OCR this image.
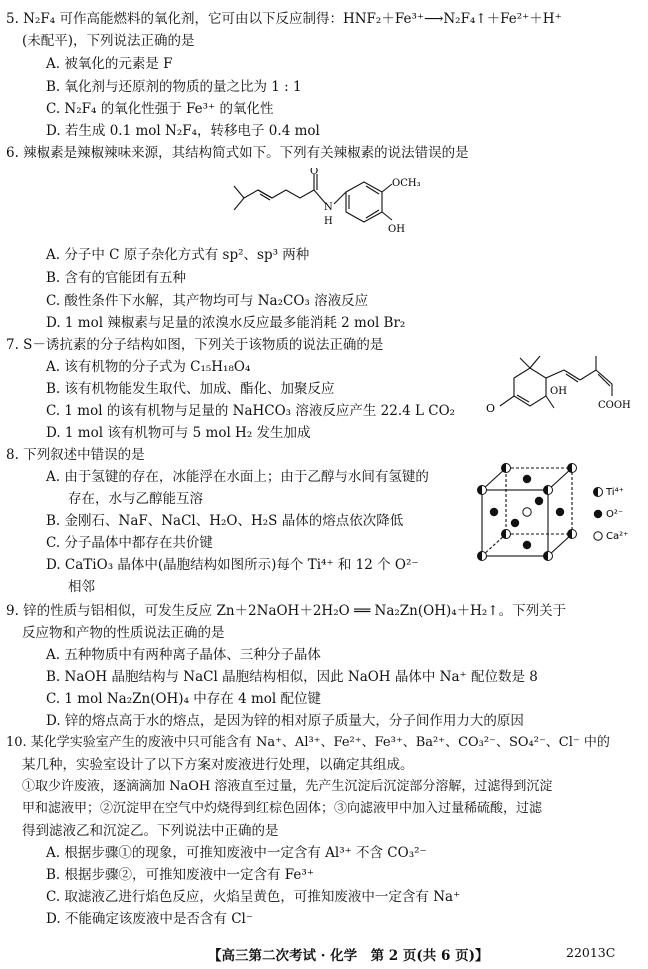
5. N₂F₄ 可作高能燃料的氧化剂，它可由以下反应制得：HNF₂＋Fe³⁺⟶N₂F₄↑＋Fe²⁺＋H⁺
(未配平)，下列说法正确的是
A. 被氧化的元素是 F
B. 氧化剂与还原剂的物质的量之比为 1 : 1
C. N₂F₄ 的氧化性强于 Fe³⁺ 的氧化性
D. 若生成 0.1 mol N₂F₄，转移电子 0.4 mol
6. 辣椒素是辣椒辣味来源，其结构简式如下。下列有关辣椒素的说法错误的是
O
N
H
OCH₃
OH
A. 分子中 C 原子杂化方式有 sp²、sp³ 两种
B. 含有的官能团有五种
C. 酸性条件下水解，其产物均可与 Na₂CO₃ 溶液反应
D. 1 mol 辣椒素与足量的浓溴水反应最多能消耗 2 mol Br₂
7. S－诱抗素的分子结构如图，下列关于该物质的说法正确的是
A. 该有机物的分子式为 C₁₅H₁₈O₄
B. 该有机物能发生取代、加成、酯化、加聚反应
C. 1 mol 的该有机物与足量的 NaHCO₃ 溶液反应产生 22.4 L CO₂
D. 1 mol 该有机物可与 5 mol H₂ 发生加成
O
OH
COOH
8. 下列叙述中错误的是
A. 由于氢键的存在，冰能浮在水面上；由于乙醇与水间有氢键的
存在，水与乙醇能互溶
B. 金刚石、NaF、NaCl、H₂O、H₂S 晶体的熔点依次降低
C. 分子晶体中都存在共价键
D. CaTiO₃ 晶体中(晶胞结构如图所示)每个 Ti⁴⁺ 和 12 个 O²⁻
相邻
Ti⁴⁺
O²⁻
Ca²⁺
9. 锌的性质与铝相似，可发生反应 Zn＋2NaOH＋2H₂O ══ Na₂Zn(OH)₄＋H₂↑。下列关于
反应物和产物的性质说法正确的是
A. 五种物质中有两种离子晶体、三种分子晶体
B. NaOH 晶胞结构与 NaCl 晶胞结构相似，因此 NaOH 晶体中 Na⁺ 配位数是 8
C. 1 mol Na₂Zn(OH)₄ 中存在 4 mol 配位键
D. 锌的熔点高于水的熔点，是因为锌的相对原子质量大，分子间作用力大的原因
10. 某化学实验室产生的废液中只可能含有 Na⁺、Al³⁺、Fe²⁺、Fe³⁺、Ba²⁺、CO₃²⁻、SO₄²⁻、Cl⁻ 中的
某几种，实验室设计了以下方案对废液进行处理，以确定其组成。
①取少许废液，逐滴滴加 NaOH 溶液直至过量，先产生沉淀后沉淀部分溶解，过滤得到沉淀
甲和滤液甲；②沉淀甲在空气中灼烧得到红棕色固体；③向滤液甲中加入过量稀硫酸，过滤
得到滤液乙和沉淀乙。下列说法中正确的是
A. 根据步骤①的现象，可推知废液中一定含有 Al³⁺ 不含 CO₃²⁻
B. 根据步骤②，可推知废液中一定含有 Fe³⁺
C. 取滤液乙进行焰色反应，火焰呈黄色，可推知废液中一定含有 Na⁺
D. 不能确定该废液中是否含有 Cl⁻
【高三第二次考试 · 化学　第 2 页(共 6 页)】	22013C
